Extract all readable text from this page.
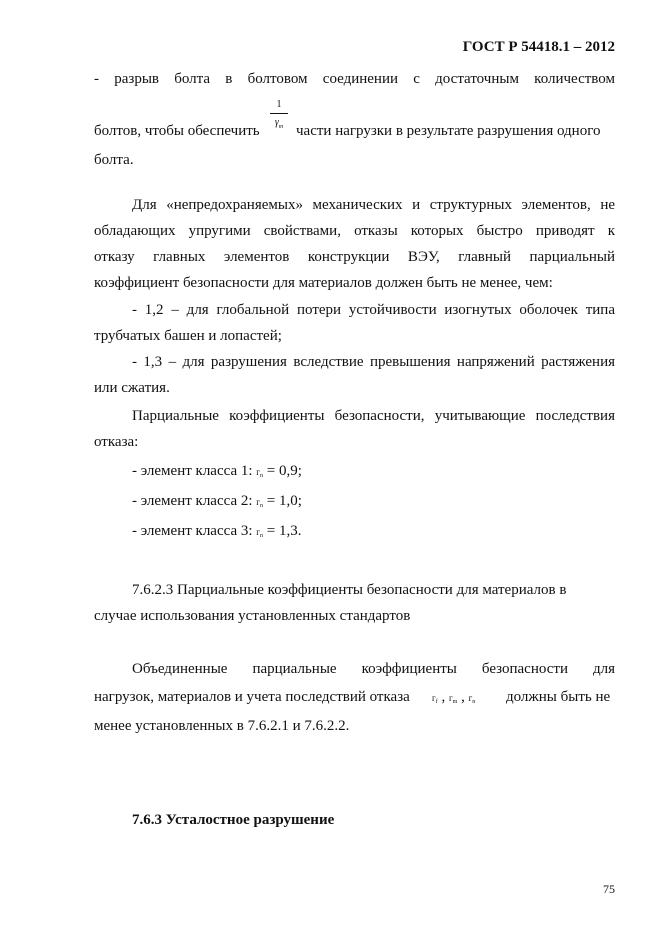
ГОСТ Р 54418.1 – 2012
- разрыв болта в болтовом соединении с достаточным количеством
1
$\gamma_m$
болтов, чтобы обеспечить части нагрузки в результате разрушения одного
болта.
Для «непредохраняемых» механических и структурных элементов, не
обладающих упругими свойствами, отказы которых быстро приводят к
отказу главных элементов конструкции ВЭУ, главный парциальный
коэффициент безопасности для материалов должен быть не менее, чем:
- 1,2 – для глобальной потери устойчивости изогнутых оболочек типа
трубчатых башен и лопастей;
- 1,3 – для разрушения вследствие превышения напряжений растяжения
или сжатия.
Парциальные коэффициенты безопасности, учитывающие последствия
отказа:
- элемент класса 1: гn = 0,9;
- элемент класса 2: гn = 1,0;
- элемент класса 3: гn = 1,3.
7.6.2.3 Парциальные коэффициенты безопасности для материалов в
случае использования установленных стандартов
Объединенные парциальные коэффициенты безопасности для
нагрузок, материалов и учета последствий отказа гf , гm , гn должны быть не
менее установленных в 7.6.2.1 и 7.6.2.2.
7.6.3 Усталостное разрушение
75
